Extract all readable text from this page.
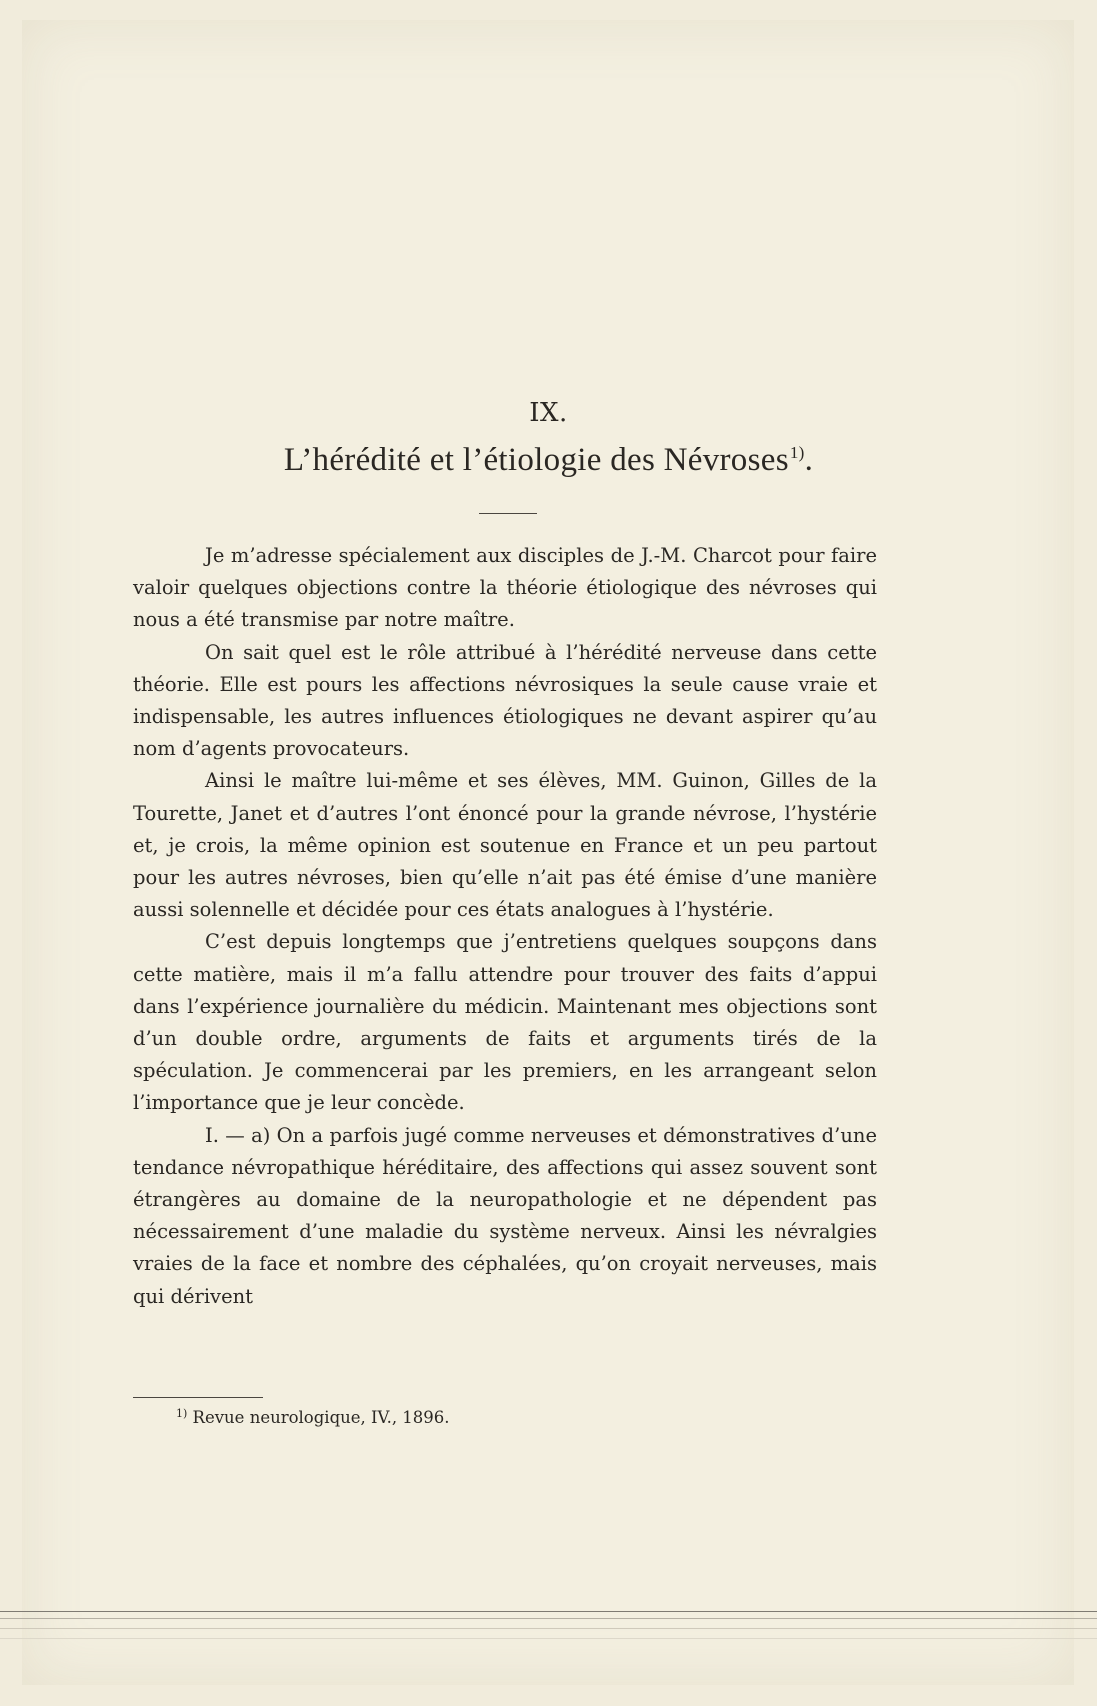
IX.
L’hérédité et l’étiologie des Névroses$^{1)}$.

Je m’adresse spécialement aux disciples de J.-M. Charcot pour faire valoir quelques objections contre la théorie étiologique des névroses qui nous a été transmise par notre maître.

On sait quel est le rôle attribué à l’hérédité nerveuse dans cette théorie. Elle est pours les affections névrosiques la seule cause vraie et indispensable, les autres influences étiologiques ne devant aspirer qu’au nom d’agents provocateurs.

Ainsi le maître lui-même et ses élèves, MM. Guinon, Gilles de la Tourette, Janet et d’autres l’ont énoncé pour la grande névrose, l’hystérie et, je crois, la même opinion est soutenue en France et un peu partout pour les autres névroses, bien qu’elle n’ait pas été émise d’une manière aussi solennelle et décidée pour ces états analogues à l’hystérie.

C’est depuis longtemps que j’entretiens quelques soupçons dans cette matière, mais il m’a fallu attendre pour trouver des faits d’appui dans l’expérience journalière du médicin. Maintenant mes objections sont d’un double ordre, arguments de faits et arguments tirés de la spéculation. Je commencerai par les premiers, en les arrangeant selon l’importance que je leur concède.

I. — a) On a parfois jugé comme nerveuses et démonstratives d’une tendance névropathique héréditaire, des affections qui assez souvent sont étrangères au domaine de la neuropathologie et ne dépendent pas nécessairement d’une maladie du système nerveux. Ainsi les névralgies vraies de la face et nombre des céphalées, qu’on croyait nerveuses, mais qui dérivent

$^{1)}$ Revue neurologique, IV., 1896.
